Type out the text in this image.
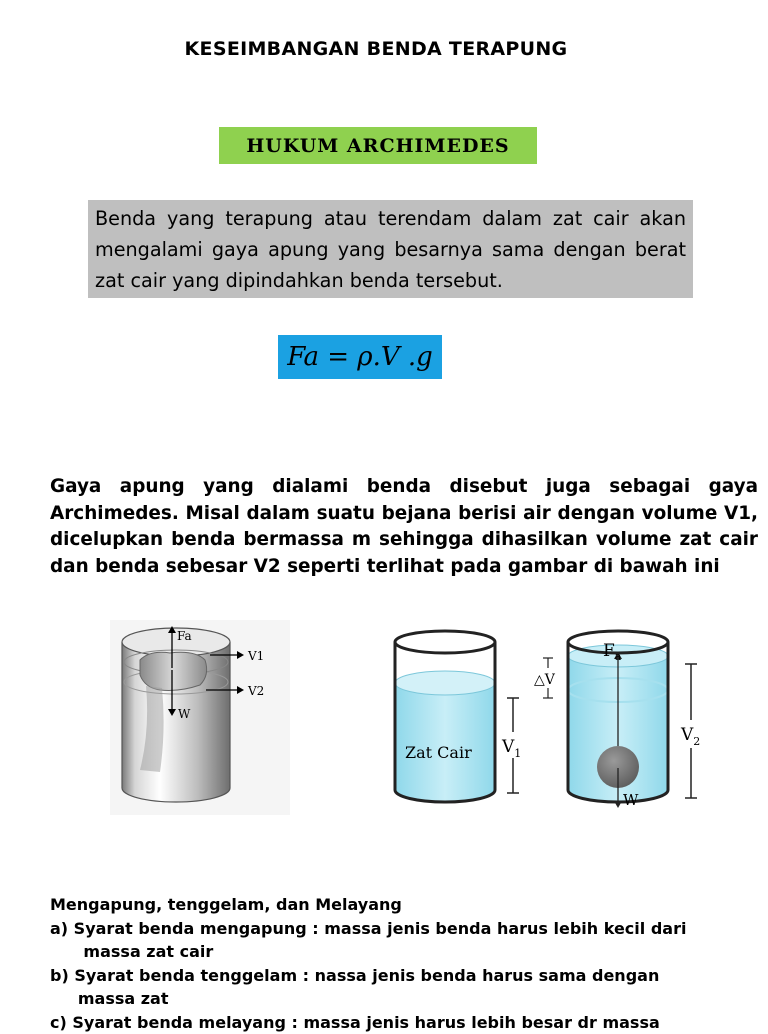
KESEIMBANGAN BENDA TERAPUNG
HUKUM ARCHIMEDES
Benda yang terapung atau terendam dalam zat cair akan mengalami gaya apung yang besarnya sama dengan berat zat cair yang dipindahkan benda tersebut.
Fa = ρ.V .g
Gaya apung yang dialami benda disebut juga sebagai gaya Archimedes. Misal dalam suatu bejana berisi air dengan volume V1, dicelupkan benda bermassa m sehingga dihasilkan volume zat cair dan benda sebesar V2 seperti terlihat pada gambar di bawah ini
Fa
V1
V2
W
Zat Cair $V_1$
△V
$F_a$
W
$V_2$
Mengapung, tenggelam, dan Melayang
a) Syarat benda mengapung : massa jenis benda harus lebih kecil dari
massa zat cair
b) Syarat benda tenggelam : nassa jenis benda harus sama dengan
massa zat
c) Syarat benda melayang : massa jenis harus lebih besar dr massa
